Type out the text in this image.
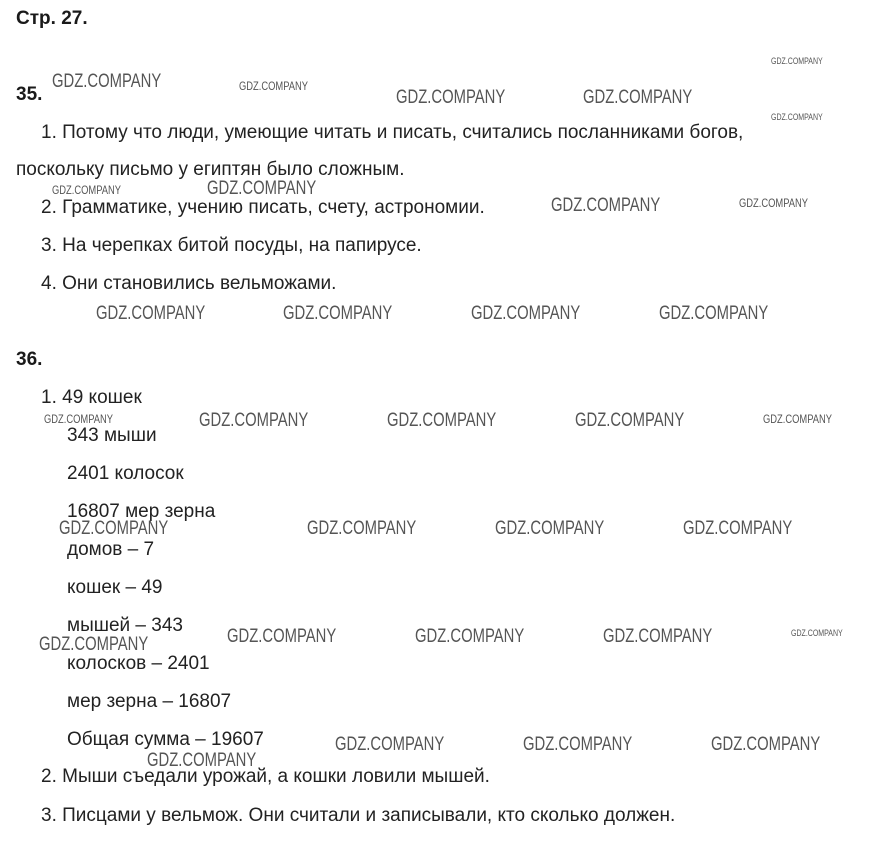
Стр. 27.
35.
1. Потому что люди, умеющие читать и писать, считались посланниками богов,
поскольку письмо у египтян было сложным.
2. Грамматике, учению писать, счету, астрономии.
3. На черепках битой посуды, на папирусе.
4. Они становились вельможами.
36.
1. 49 кошек
343 мыши
2401 колосок
16807 мер зерна
домов – 7
кошек – 49
мышей – 343
колосков – 2401
мер зерна – 16807
Общая сумма – 19607
2. Мыши съедали урожай, а кошки ловили мышей.
3. Писцами у вельмож. Они считали и записывали, кто сколько должен.
GDZ.COMPANY	GDZ.COMPANY
GDZ.COMPANY	GDZ.COMPANY
GDZ.COMPANY
GDZ.COMPANY
GDZ.COMPANY	GDZ.COMPANY
GDZ.COMPANY	GDZ.COMPANY
GDZ.COMPANY	GDZ.COMPANY	GDZ.COMPANY	GDZ.COMPANY
GDZ.COMPANY	GDZ.COMPANY	GDZ.COMPANY	GDZ.COMPANY	GDZ.COMPANY
GDZ.COMPANY	GDZ.COMPANY	GDZ.COMPANY	GDZ.COMPANY
GDZ.COMPANY	GDZ.COMPANY	GDZ.COMPANY	GDZ.COMPANY	GDZ.COMPANY
GDZ.COMPANY	GDZ.COMPANY	GDZ.COMPANY
GDZ.COMPANY
